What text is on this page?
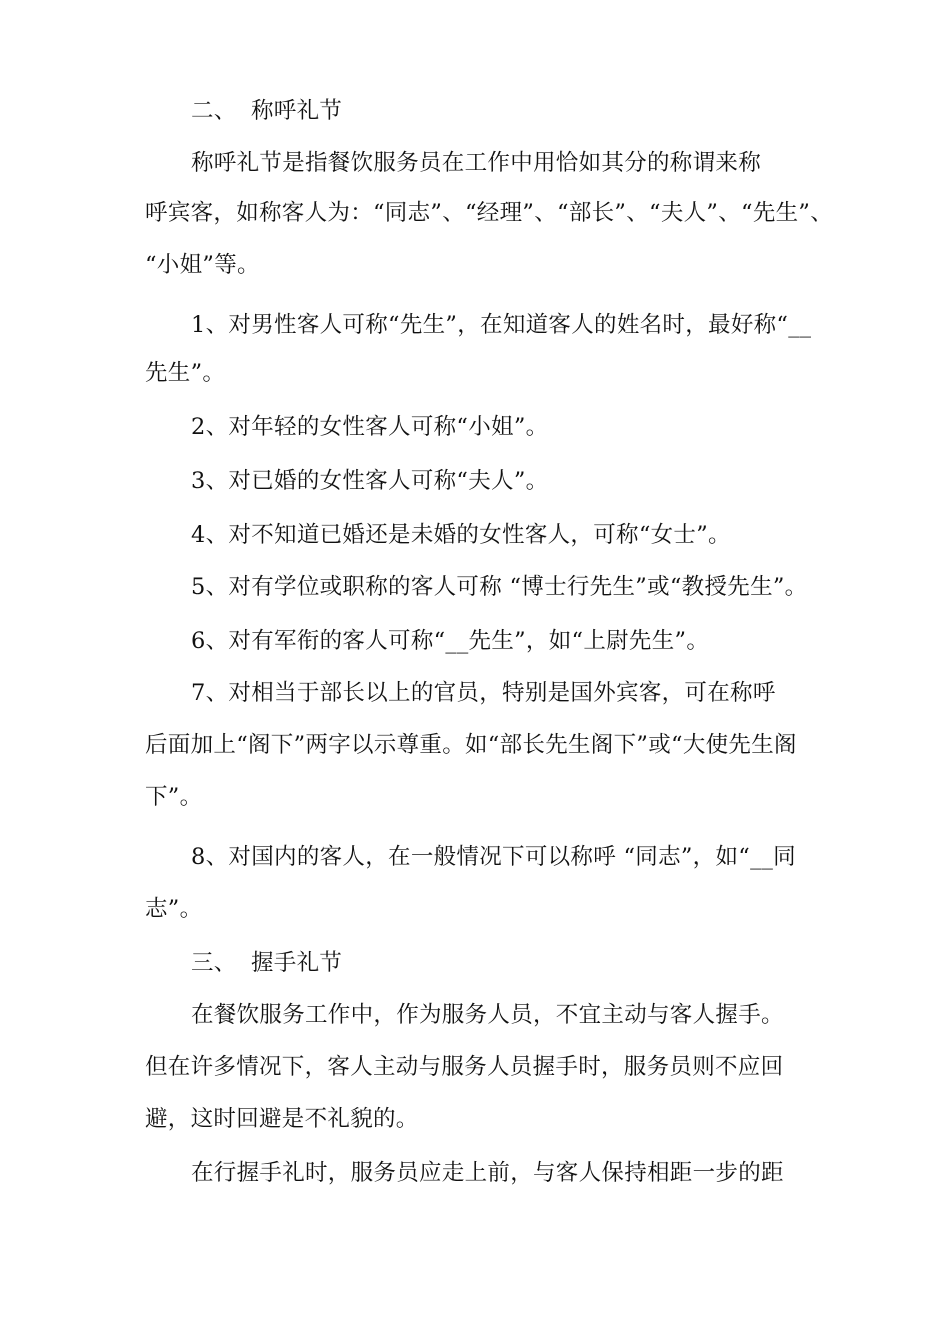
二、 称呼礼节
称呼礼节是指餐饮服务员在工作中用恰如其分的称谓来称
呼宾客，如称客人为：“同志”、“经理”、“部长”、“夫人”、“先生”、
“小姐”等。
1、对男性客人可称“先生”，在知道客人的姓名时，最好称“__
先生”。
2、对年轻的女性客人可称“小姐”。
3、对已婚的女性客人可称“夫人”。
4、对不知道已婚还是未婚的女性客人，可称“女士”。
5、对有学位或职称的客人可称 “博士行先生”或“教授先生”。
6、对有军衔的客人可称“__先生”，如“上尉先生”。
7、对相当于部长以上的官员，特别是国外宾客，可在称呼
后面加上“阁下”两字以示尊重。如“部长先生阁下”或“大使先生阁
下”。
8、对国内的客人，在一般情况下可以称呼 “同志”，如“__同
志”。
三、 握手礼节
在餐饮服务工作中，作为服务人员，不宜主动与客人握手。
但在许多情况下，客人主动与服务人员握手时，服务员则不应回
避，这时回避是不礼貌的。
在行握手礼时，服务员应走上前，与客人保持相距一步的距
